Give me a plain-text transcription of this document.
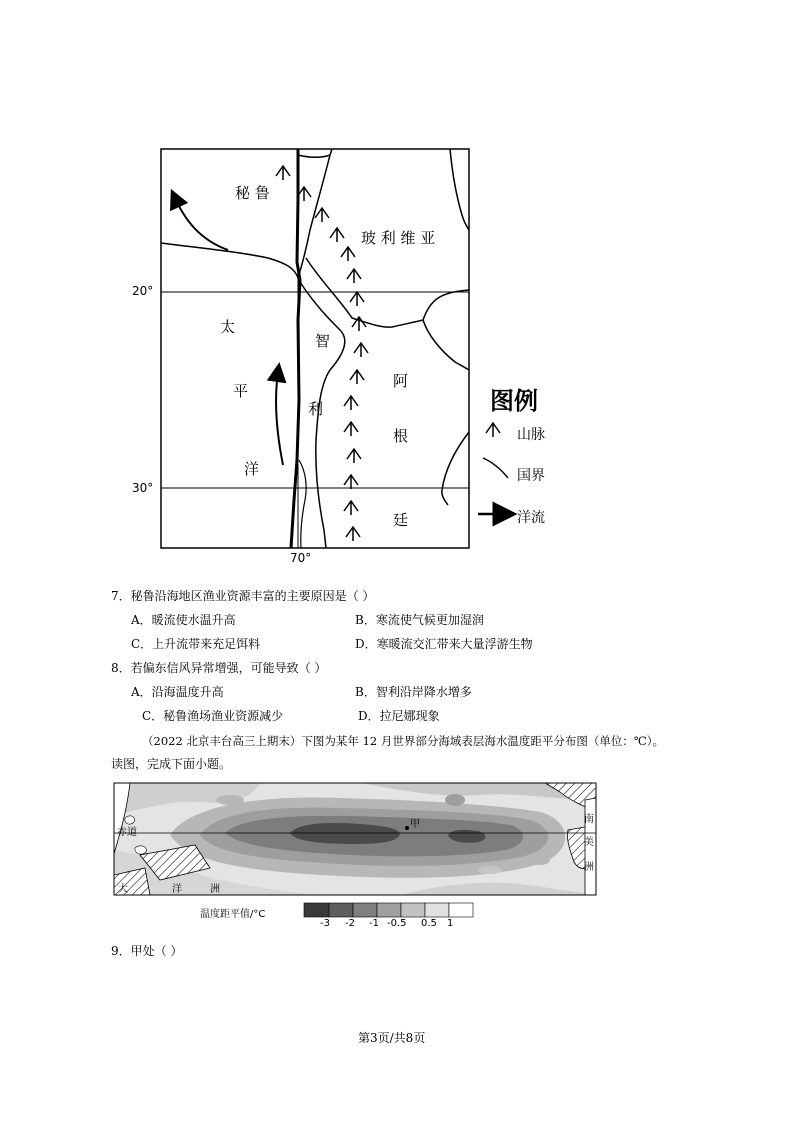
秘 鲁
玻 利 维 亚
太
平
洋
智
利
阿
根
廷
20°
30°
70°
图例
山脉
国界
洋流
7．秘鲁沿海地区渔业资源丰富的主要原因是（ ）
A．暖流使水温升高	B．寒流使气候更加湿润
C．上升流带来充足饵料	D．寒暖流交汇带来大量浮游生物
8．若偏东信风异常增强，可能导致（ ）
A．沿海温度升高	B．智利沿岸降水增多
C．秘鲁渔场渔业资源减少	D．拉尼娜现象
（2022 北京丰台高三上期末）下图为某年 12 月世界部分海域表层海水温度距平分布图（单位：℃）。
读图，完成下面小题。
赤道
甲
大	洋	洲
南
美
洲
温度距平值/°C
-3 -2 -1 -0.5 0.5 1
9．甲处（ ）
第3页/共8页
